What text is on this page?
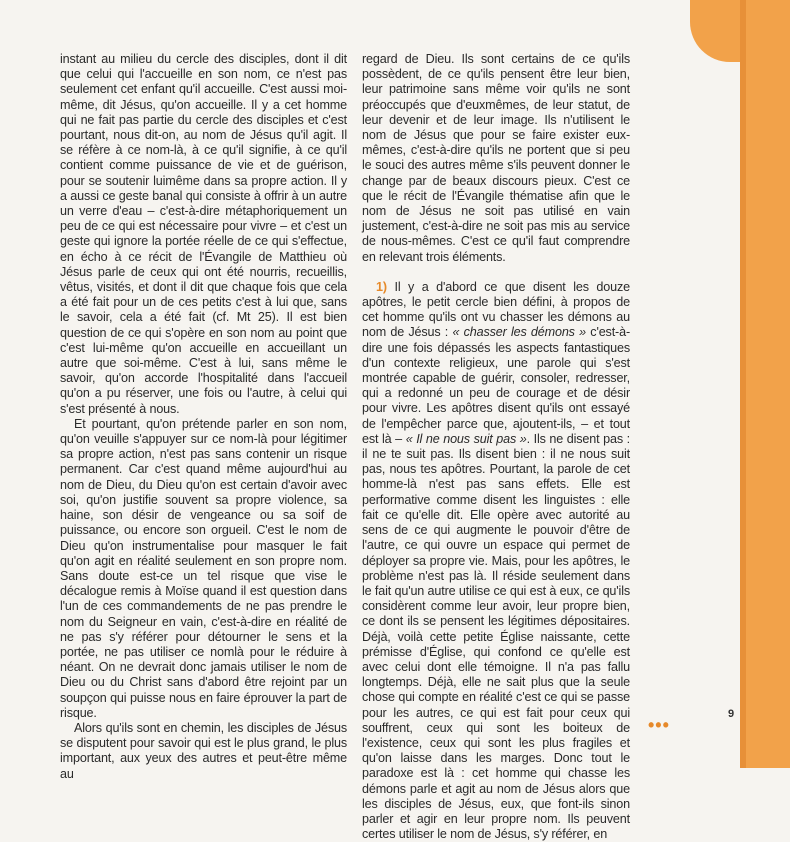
instant au milieu du cercle des disciples, dont il dit que celui qui l'accueille en son nom, ce n'est pas seulement cet enfant qu'il accueille. C'est aussi moi-même, dit Jésus, qu'on accueille. Il y a cet homme qui ne fait pas partie du cercle des disciples et c'est pourtant, nous dit-on, au nom de Jésus qu'il agit. Il se réfère à ce nom-là, à ce qu'il signifie, à ce qu'il contient comme puissance de vie et de guérison, pour se soutenir luimême dans sa propre action. Il y a aussi ce geste banal qui consiste à offrir à un autre un verre d'eau – c'est-à-dire métaphoriquement un peu de ce qui est nécessaire pour vivre – et c'est un geste qui ignore la portée réelle de ce qui s'effectue, en écho à ce récit de l'Évangile de Matthieu où Jésus parle de ceux qui ont été nourris, recueillis, vêtus, visités, et dont il dit que chaque fois que cela a été fait pour un de ces petits c'est à lui que, sans le savoir, cela a été fait (cf. Mt 25). Il est bien question de ce qui s'opère en son nom au point que c'est lui-même qu'on accueille en accueillant un autre que soi-même. C'est à lui, sans même le savoir, qu'on accorde l'hospitalité dans l'accueil qu'on a pu réserver, une fois ou l'autre, à celui qui s'est présenté à nous.

Et pourtant, qu'on prétende parler en son nom, qu'on veuille s'appuyer sur ce nom-là pour légitimer sa propre action, n'est pas sans contenir un risque permanent. Car c'est quand même aujourd'hui au nom de Dieu, du Dieu qu'on est certain d'avoir avec soi, qu'on justifie souvent sa propre violence, sa haine, son désir de vengeance ou sa soif de puissance, ou encore son orgueil. C'est le nom de Dieu qu'on instrumentalise pour masquer le fait qu'on agit en réalité seulement en son propre nom. Sans doute est-ce un tel risque que vise le décalogue remis à Moïse quand il est question dans l'un de ces commandements de ne pas prendre le nom du Seigneur en vain, c'est-à-dire en réalité de ne pas s'y référer pour détourner le sens et la portée, ne pas utiliser ce nomlà pour le réduire à néant. On ne devrait donc jamais utiliser le nom de Dieu ou du Christ sans d'abord être rejoint par un soupçon qui puisse nous en faire éprouver la part de risque.

Alors qu'ils sont en chemin, les disciples de Jésus se disputent pour savoir qui est le plus grand, le plus important, aux yeux des autres et peut-être même au

regard de Dieu. Ils sont certains de ce qu'ils possèdent, de ce qu'ils pensent être leur bien, leur patrimoine sans même voir qu'ils ne sont préoccupés que d'euxmêmes, de leur statut, de leur devenir et de leur image. Ils n'utilisent le nom de Jésus que pour se faire exister eux-mêmes, c'est-à-dire qu'ils ne portent que si peu le souci des autres même s'ils peuvent donner le change par de beaux discours pieux. C'est ce que le récit de l'Évangile thématise afin que le nom de Jésus ne soit pas utilisé en vain justement, c'est-à-dire ne soit pas mis au service de nous-mêmes. C'est ce qu'il faut comprendre en relevant trois éléments.

1) Il y a d'abord ce que disent les douze apôtres, le petit cercle bien défini, à propos de cet homme qu'ils ont vu chasser les démons au nom de Jésus : « chasser les démons » c'est-à-dire une fois dépassés les aspects fantastiques d'un contexte religieux, une parole qui s'est montrée capable de guérir, consoler, redresser, qui a redonné un peu de courage et de désir pour vivre. Les apôtres disent qu'ils ont essayé de l'empêcher parce que, ajoutent-ils, – et tout est là – « Il ne nous suit pas ». Ils ne disent pas : il ne te suit pas. Ils disent bien : il ne nous suit pas, nous tes apôtres. Pourtant, la parole de cet homme-là n'est pas sans effets. Elle est performative comme disent les linguistes : elle fait ce qu'elle dit. Elle opère avec autorité au sens de ce qui augmente le pouvoir d'être de l'autre, ce qui ouvre un espace qui permet de déployer sa propre vie. Mais, pour les apôtres, le problème n'est pas là. Il réside seulement dans le fait qu'un autre utilise ce qui est à eux, ce qu'ils considèrent comme leur avoir, leur propre bien, ce dont ils se pensent les légitimes dépositaires. Déjà, voilà cette petite Église naissante, cette prémisse d'Église, qui confond ce qu'elle est avec celui dont elle témoigne. Il n'a pas fallu longtemps. Déjà, elle ne sait plus que la seule chose qui compte en réalité c'est ce qui se passe pour les autres, ce qui est fait pour ceux qui souffrent, ceux qui sont les boiteux de l'existence, ceux qui sont les plus fragiles et qu'on laisse dans les marges. Donc tout le paradoxe est là : cet homme qui chasse les démons parle et agit au nom de Jésus alors que les disciples de Jésus, eux, que font-ils sinon parler et agir en leur propre nom. Ils peuvent certes utiliser le nom de Jésus, s'y référer, en

•••
9
